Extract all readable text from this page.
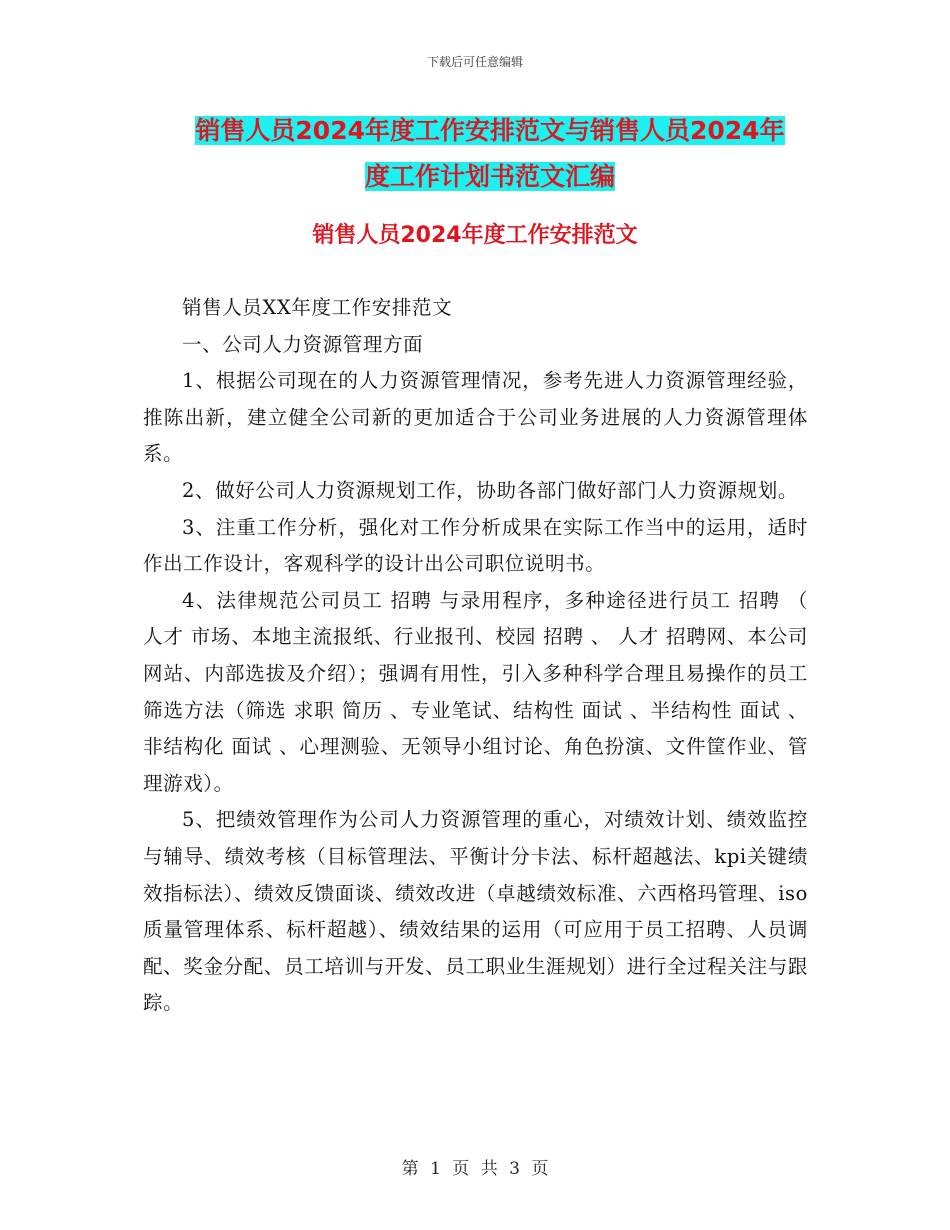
下载后可任意编辑
销售人员2024年度工作安排范文与销售人员2024年
度工作计划书范文汇编
销售人员2024年度工作安排范文

销售人员XX年度工作安排范文

一、公司人力资源管理方面

1、根据公司现在的人力资源管理情况，参考先进人力资源管理经验，推陈出新，建立健全公司新的更加适合于公司业务进展的人力资源管理体系。

2、做好公司人力资源规划工作，协助各部门做好部门人力资源规划。

3、注重工作分析，强化对工作分析成果在实际工作当中的运用，适时作出工作设计，客观科学的设计出公司职位说明书。

4、法律规范公司员工 招聘 与录用程序，多种途径进行员工 招聘 （ 人才 市场、本地主流报纸、行业报刊、校园 招聘 、 人才 招聘网、本公司网站、内部选拔及介绍）；强调有用性，引入多种科学合理且易操作的员工筛选方法（筛选 求职 简历 、专业笔试、结构性 面试 、半结构性 面试 、非结构化 面试 、心理测验、无领导小组讨论、角色扮演、文件筐作业、管理游戏）。

5、把绩效管理作为公司人力资源管理的重心，对绩效计划、绩效监控与辅导、绩效考核（目标管理法、平衡计分卡法、标杆超越法、kpi关键绩效指标法）、绩效反馈面谈、绩效改进（卓越绩效标准、六西格玛管理、iso质量管理体系、标杆超越）、绩效结果的运用（可应用于员工招聘、人员调配、奖金分配、员工培训与开发、员工职业生涯规划）进行全过程关注与跟踪。

第 1 页 共 3 页
